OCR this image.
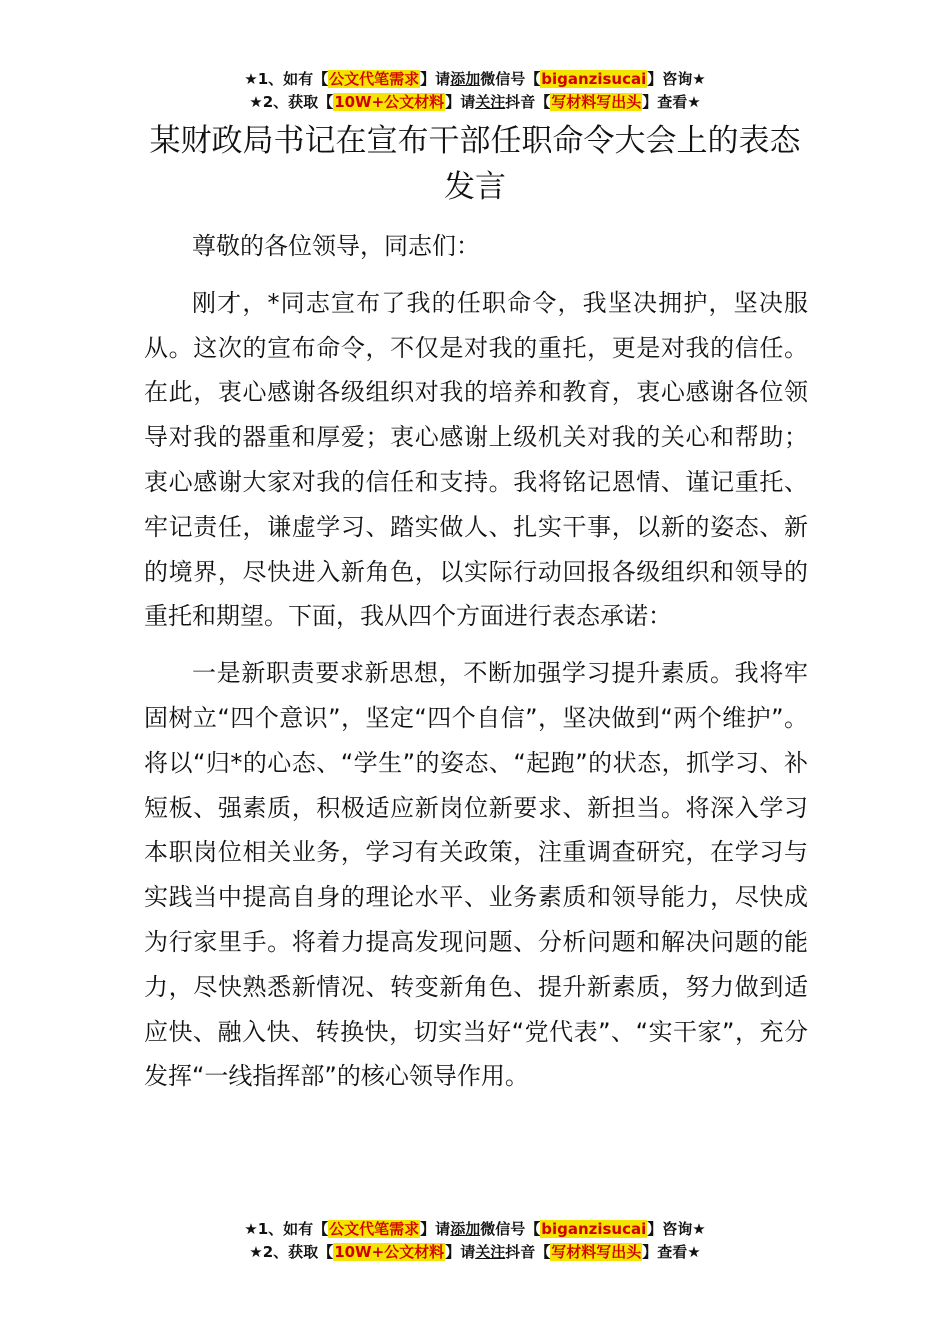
★1、如有【公文代笔需求】请添加微信号【biganzisucai】咨询★
★2、获取【10W+公文材料】请关注抖音【写材料写出头】查看★
某财政局书记在宣布干部任职命令大会上的表态发言

尊敬的各位领导，同志们：

刚才，*同志宣布了我的任职命令，我坚决拥护，坚决服从。这次的宣布命令，不仅是对我的重托，更是对我的信任。在此，衷心感谢各级组织对我的培养和教育，衷心感谢各位领导对我的器重和厚爱；衷心感谢上级机关对我的关心和帮助；衷心感谢大家对我的信任和支持。我将铭记恩情、谨记重托、牢记责任，谦虚学习、踏实做人、扎实干事，以新的姿态、新的境界，尽快进入新角色，以实际行动回报各级组织和领导的重托和期望。下面，我从四个方面进行表态承诺：

一是新职责要求新思想，不断加强学习提升素质。我将牢固树立“四个意识”，坚定“四个自信”，坚决做到“两个维护”。将以“归*的心态、“学生”的姿态、“起跑”的状态，抓学习、补短板、强素质，积极适应新岗位新要求、新担当。将深入学习本职岗位相关业务，学习有关政策，注重调查研究，在学习与实践当中提高自身的理论水平、业务素质和领导能力，尽快成为行家里手。将着力提高发现问题、分析问题和解决问题的能力，尽快熟悉新情况、转变新角色、提升新素质，努力做到适应快、融入快、转换快，切实当好“党代表”、“实干家”，充分发挥“一线指挥部”的核心领导作用。

★1、如有【公文代笔需求】请添加微信号【biganzisucai】咨询★
★2、获取【10W+公文材料】请关注抖音【写材料写出头】查看★
